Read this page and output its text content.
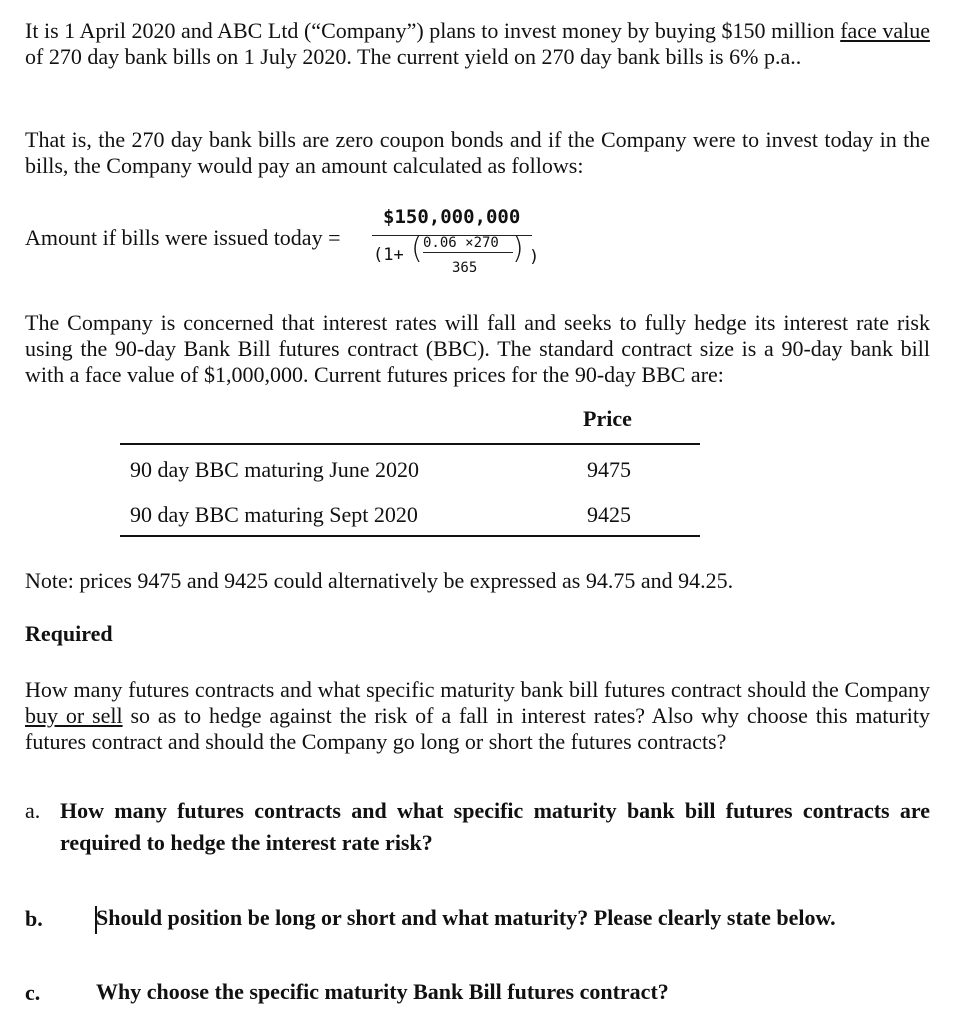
It is 1 April 2020 and ABC Ltd (“Company”) plans to invest money by buying $150 million face value of 270 day bank bills on 1 July 2020. The current yield on 270 day bank bills is 6% p.a..

That is, the 270 day bank bills are zero coupon bonds and if the Company were to invest today in the bills, the Company would pay an amount calculated as follows:

Amount if bills were issued today =
$150,000,000
(1+ ( 0.06 ×270
365
) )

The Company is concerned that interest rates will fall and seeks to fully hedge its interest rate risk using the 90-day Bank Bill futures contract (BBC). The standard contract size is a 90-day bank bill with a face value of $1,000,000. Current futures prices for the 90-day BBC are:

Price
90 day BBC maturing June 2020	9475
90 day BBC maturing Sept 2020	9425

Note: prices 9475 and 9425 could alternatively be expressed as 94.75 and 94.25.

Required

How many futures contracts and what specific maturity bank bill futures contract should the Company buy or sell so as to hedge against the risk of a fall in interest rates? Also why choose this maturity futures contract and should the Company go long or short the futures contracts?

a. How many futures contracts and what specific maturity bank bill futures contracts are required to hedge the interest rate risk?
b. Should position be long or short and what maturity? Please clearly state below.
c.	Why choose the specific maturity Bank Bill futures contract?
